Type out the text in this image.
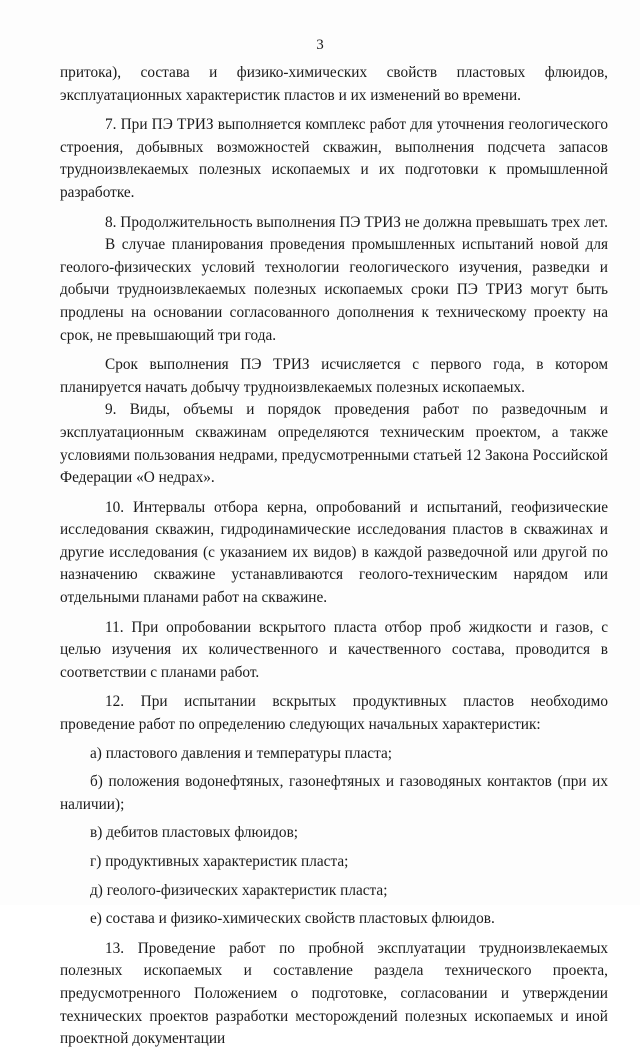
3

притока), состава и физико-химических свойств пластовых флюидов, эксплуатационных характеристик пластов и их изменений во времени.

7. При ПЭ ТРИЗ выполняется комплекс работ для уточнения геологического строения, добывных возможностей скважин, выполнения подсчета запасов трудноизвлекаемых полезных ископаемых и их подготовки к промышленной разработке.

8. Продолжительность выполнения ПЭ ТРИЗ не должна превышать трех лет.

В случае планирования проведения промышленных испытаний новой для геолого-физических условий технологии геологического изучения, разведки и добычи трудноизвлекаемых полезных ископаемых сроки ПЭ ТРИЗ могут быть продлены на основании согласованного дополнения к техническому проекту на срок, не превышающий три года.

Срок выполнения ПЭ ТРИЗ исчисляется с первого года, в котором планируется начать добычу трудноизвлекаемых полезных ископаемых.

9. Виды, объемы и порядок проведения работ по разведочным и эксплуатационным скважинам определяются техническим проектом, а также условиями пользования недрами, предусмотренными статьей 12 Закона Российской Федерации «О недрах».

10. Интервалы отбора керна, опробований и испытаний, геофизические исследования скважин, гидродинамические исследования пластов в скважинах и другие исследования (с указанием их видов) в каждой разведочной или другой по назначению скважине устанавливаются геолого-техническим нарядом или отдельными планами работ на скважине.

11. При опробовании вскрытого пласта отбор проб жидкости и газов, с целью изучения их количественного и качественного состава, проводится в соответствии с планами работ.

12. При испытании вскрытых продуктивных пластов необходимо проведение работ по определению следующих начальных характеристик:

а) пластового давления и температуры пласта;

б) положения водонефтяных, газонефтяных и газоводяных контактов (при их наличии);

в) дебитов пластовых флюидов;

г) продуктивных характеристик пласта;

д) геолого-физических характеристик пласта;

е) состава и физико-химических свойств пластовых флюидов.

13. Проведение работ по пробной эксплуатации трудноизвлекаемых полезных ископаемых и составление раздела технического проекта, предусмотренного Положением о подготовке, согласовании и утверждении технических проектов разработки месторождений полезных ископаемых и иной проектной документации
